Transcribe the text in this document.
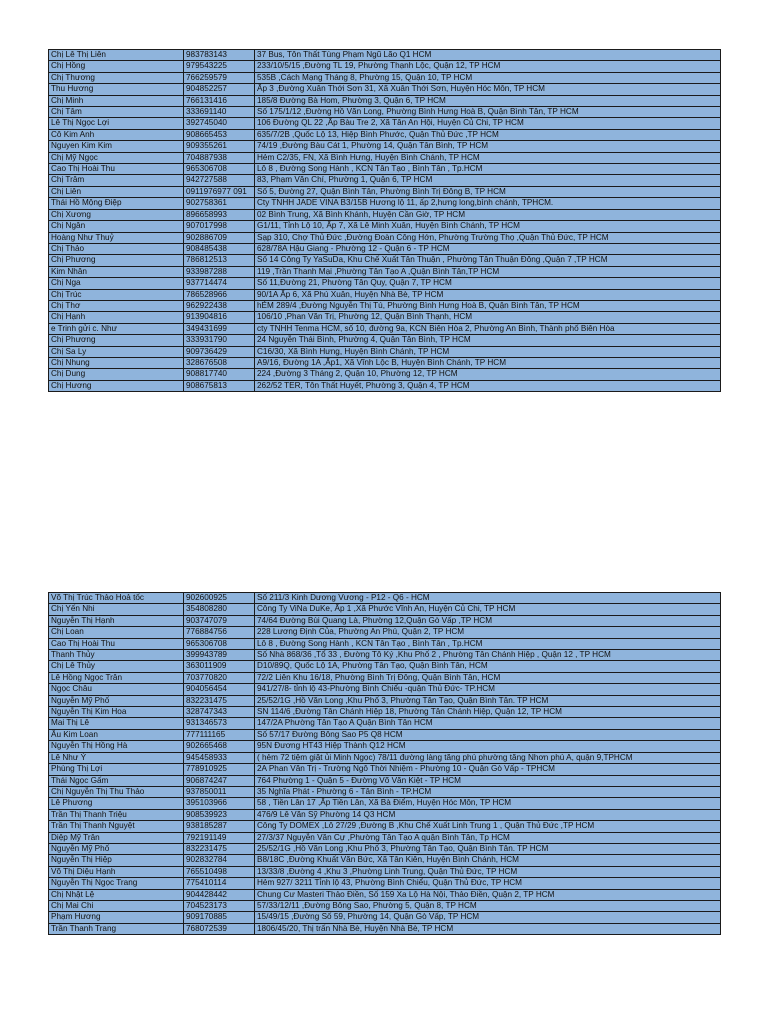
Chị Lê Thị Liên	983783143	37 Bus, Tôn Thất Tùng Phạm Ngũ Lão Q1 HCM
Chị Hồng	979543225	233/10/5/15 ,Đường TL 19, Phường Thạnh Lộc, Quận 12, TP HCM
Chị Thương	766259579	535B ,Cách Mạng Tháng 8, Phường 15, Quận 10, TP HCM
Thu Hương	904852257	Ấp 3 ,Đường Xuân Thới Sơn 31, Xã Xuân Thới Sơn, Huyện Hóc Môn, TP HCM
Chị Minh	766131416	185/8 Đường Bà Hom, Phường 3, Quận 6, TP HCM
Chị Tâm	333691140	Số 175/1/12 ,Đường Hồ Văn Long, Phường Bình Hưng Hoà B, Quận Bình Tân, TP HCM
Lê Thị Ngọc Lợi	392745040	106 Đường QL 22 ,Ấp Bàu Tre 2, Xã Tân An Hội, Huyện Củ Chi, TP HCM
Cô Kim Anh	908665453	635/7/2B ,Quốc Lộ 13, Hiệp Bình Phước, Quận Thủ Đức ,TP HCM
Nguyen Kim Kim	909355261	74/19 ,Đường Bàu Cát 1, Phường 14, Quận Tân Bình, TP HCM
Chị Mỹ Ngọc	704887938	Hẻm C2/35, FN, Xã Bình Hưng, Huyện Bình Chánh, TP HCM
Cao Thị Hoài Thu	965306708	Lô 8 , Đường Song Hành , KCN Tân Tạo , Bình Tân , Tp.HCM
Chị Trâm	942727588	83, Phạm Văn Chí, Phường 1, Quận 6, TP HCM
Chị Liên	0911976977 091	Số 5, Đường 27, Quận Bình Tân, Phường Bình Trị Đông B, TP HCM
Thái Hồ Mộng Điệp	902758361	Cty TNHH JADE VINA B3/15B Hương lộ 11, ấp 2,hưng long,bình chánh, TPHCM.
Chị Xương	896658993	02 Bình Trung, Xã Bình Khánh, Huyện Cần Giờ, TP HCM
Chị Ngân	907017998	G1/11, Tỉnh Lộ 10, Ấp 7, Xã Lê Minh Xuân, Huyện Bình Chánh, TP HCM
Hoàng Như Thuỷ	902886709	Sạp 310, Chợ Thủ Đức ,Đường Đoàn Công Hớn, Phường Trường Thọ ,Quận Thủ Đức, TP HCM
Chị Thảo	908485438	628/78A Hậu Giang - Phường 12 - Quận 6 - TP HCM
Chị Phương	786812513	Số 14 Công Ty YaSuDa, Khu Chế Xuất Tân Thuận , Phường Tân Thuận Đông ,Quận 7 ,TP HCM
Kim Nhân	933987288	119 ,Trần Thanh Mại ,Phường Tân Tạo A ,Quận Bình Tân,TP HCM
Chị Nga	937714474	Số 11,Đường 21, Phường Tân Quy, Quận 7, TP HCM
Chị Trúc	786528966	90/1A Ấp 6, Xã Phú Xuân, Huyện Nhà Bè, TP HCM
Chị Thơ	962922438	hẺM 289/4 ,Đường Nguyễn Thị Tú, Phường Bình Hưng Hoà B, Quận Bình Tân, TP HCM
Chị Hạnh	913904816	106/10 ,Phan Văn Trị, Phường 12, Quận Bình Thạnh, HCM
e Trinh gửi c. Như	349431699	cty TNHH Tenma HCM, số 10, đường 9a, KCN Biên Hòa 2, Phường An Bình, Thành phố Biên Hòa
Chị Phương	333931790	24 Nguyễn Thái Bình, Phường 4, Quận Tân Bình, TP HCM
Chị Sa Ly	909736429	C16/30, Xã Bình Hưng, Huyện Bình Chánh, TP HCM
Chị Nhung	328676508	A9/16, Đường 1A ,Ấp1, Xã Vĩnh Lộc B, Huyện Bình Chánh, TP HCM
Chị Dung	908817740	224 ,Đường 3 Tháng 2, Quận 10, Phường 12, TP HCM
Chị Hương	908675813	262/52 TER, Tôn Thất Huyết, Phường 3, Quận 4, TP HCM
Võ Thị Trúc Thảo Hoả tốc	902600925	Số 211/3 Kinh Dương Vương - P12 - Q6 - HCM
Chị Yến Nhi	354808280	Công Ty ViNa DuKe, Ấp 1 ,Xã Phước Vĩnh An, Huyện Củ Chi, TP HCM
Nguyễn Thị Hạnh	903747079	74/64 Đường Bùi Quang Là, Phường 12,Quận Gò Vấp ,TP HCM
Chị Loan	776884756	228 Lương Định Của, Phường An Phú, Quận 2, TP HCM
Cao Thị Hoài Thu	965306708	Lô 8 , Đường Song Hành , KCN Tân Tạo , Bình Tân , Tp.HCM
Thanh Thủy	399943789	Số Nhà 868/36 ,Tổ 33 , Đường Tô Ký ,Khu Phố 2 , Phường Tân Chánh Hiệp , Quận 12 , TP HCM
Chị Lê Thủy	363011909	D10/89Q, Quốc Lộ 1A, Phường Tân Tạo, Quận Bình Tân, HCM
Lê Hồng Ngọc Trân	703770820	72/2 Liên Khu 16/18, Phường Bình Trị Đông, Quận Bình Tân, HCM
Ngọc Châu	904056454	941/27/8- tỉnh lộ 43-Phường Bình Chiểu -quận Thủ Đức- TP.HCM
Nguyễn Mỹ Phố	832231475	25/52/1G ,Hồ Văn Long ,Khu Phố 3, Phường Tân Tạo, Quận Bình Tân. TP HCM
Nguyễn Thị Kim Hoa	328747343	SN 114/6 ,Đường Tân Chánh Hiệp 18, Phường Tân Chánh Hiệp, Quận 12, TP HCM
Mai Thị Lê	931346573	147/2A Phường Tân Tạo A Quận Bình Tân HCM
Âu Kim Loan	777111165	Số 57/17 Đường Bông Sao P5 Q8 HCM
Nguyễn Thị Hồng Hà	902665468	95N Đương HT43 Hiệp Thành Q12 HCM
Lê Như Ý	945458933	( hẻm 72 tiệm giặt ủi Minh Ngọc) 78/11 đường làng tăng phú phường tăng Nhơn phú A, quận 9,TPHCM
Phùng Thị Lợi	778910925	2A Phan Văn Trị - Trường Ngô Thời Nhiệm - Phường 10 - Quận Gò Vấp - TPHCM
Thái Ngọc Gấm	906874247	764 Phường 1 - Quận 5 - Đường Võ Văn Kiệt - TP HCM
Chị Nguyễn Thị Thu Thảo	937850011	35 Nghĩa Phát - Phường 6 - Tân Bình - TP.HCM
Lê Phương	395103966	58 , Tiền Lân 17 ,Ấp Tiền Lân, Xã Bà Điểm, Huyện Hóc Môn, TP HCM
Trần Thị Thanh Triệu	908539923	476/9 Lê Văn Sỹ Phường 14 Q3 HCM
Trần Thị Thanh Nguyệt	938185287	Công Ty DOMEX ,Lô 27/29 ,Đường B ,Khu Chế Xuất Linh Trung 1 , Quận Thủ Đức ,TP HCM
Diệp Mỹ Trân	792191149	27/3/37 Nguyễn Văn Cự ,Phường Tân Tạo A quận Bình Tân, Tp HCM
Nguyễn Mỹ Phố	832231475	25/52/1G ,Hồ Văn Long ,Khu Phố 3, Phường Tân Tạo, Quận Bình Tân. TP HCM
Nguyễn Thị Hiệp	902832784	B8/18C ,Đường Khuất Văn Bức, Xã Tân Kiên, Huyện Bình Chánh, HCM
Võ Thị Diệu Hạnh	765510498	13/33/8 ,Đường 4 ,Khu 3 ,Phường Linh Trung, Quận Thủ Đức, TP HCM
Nguyễn Thị Ngọc Trang	775410114	Hẻm 927/ 3211 Tỉnh lộ 43, Phường Bình Chiểu, Quận Thủ Đức, TP HCM
Chị Nhật Lệ	904428442	Chung Cư Masteri Thảo Điền, Số 159 Xa Lộ Hà Nội, Thảo Điền, Quận 2, TP HCM
Chị Mai Chi	704523173	57/33/12/11 ,Đường Bông Sao, Phường 5, Quận 8, TP HCM
Phạm Hương	909170885	15/49/15 ,Đường Số 59, Phường 14, Quận Gò Vấp, TP HCM
Trần Thanh Trang	768072539	1806/45/20, Thị trấn Nhà Bè, Huyện Nhà Bè, TP HCM
